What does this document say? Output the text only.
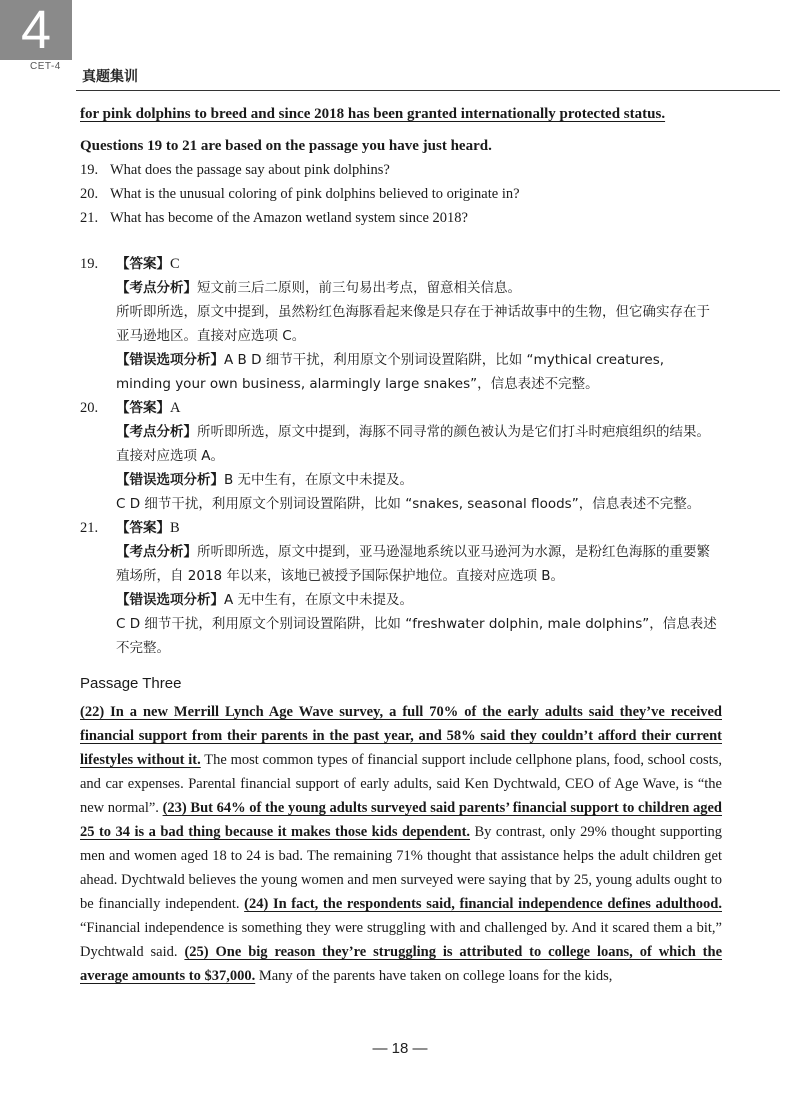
4
CET-4
真题集训

for pink dolphins to breed and since 2018 has been granted internationally protected status.

Questions 19 to 21 are based on the passage you have just heard.

19. What does the passage say about pink dolphins?

20. What is the unusual coloring of pink dolphins believed to originate in?

21. What has become of the Amazon wetland system since 2018?

19.	【答案】C

【考点分析】短文前三后二原则，前三句易出考点，留意相关信息。

所听即所选，原文中提到，虽然粉红色海豚看起来像是只存在于神话故事中的生物，但它确实存在于亚马逊地区。直接对应选项 C。

【错误选项分析】A B D 细节干扰，利用原文个别词设置陷阱，比如 “mythical creatures, minding your own business, alarmingly large snakes”，信息表述不完整。

20.	【答案】A

【考点分析】所听即所选，原文中提到，海豚不同寻常的颜色被认为是它们打斗时疤痕组织的结果。直接对应选项 A。

【错误选项分析】B 无中生有，在原文中未提及。

C D 细节干扰，利用原文个别词设置陷阱，比如 “snakes, seasonal floods”，信息表述不完整。

21.	【答案】B

【考点分析】所听即所选，原文中提到，亚马逊湿地系统以亚马逊河为水源，是粉红色海豚的重要繁殖场所，自 2018 年以来，该地已被授予国际保护地位。直接对应选项 B。

【错误选项分析】A 无中生有，在原文中未提及。

C D 细节干扰，利用原文个别词设置陷阱，比如 “freshwater dolphin, male dolphins”，信息表述不完整。

Passage Three

(22) In a new Merrill Lynch Age Wave survey, a full 70% of the early adults said they’ve received financial support from their parents in the past year, and 58% said they couldn’t afford their current lifestyles without it. The most common types of financial support include cellphone plans, food, school costs, and car expenses. Parental financial support of early adults, said Ken Dychtwald, CEO of Age Wave, is “the new normal”. (23) But 64% of the young adults surveyed said parents’ financial support to children aged 25 to 34 is a bad thing because it makes those kids dependent. By contrast, only 29% thought supporting men and women aged 18 to 24 is bad. The remaining 71% thought that assistance helps the adult children get ahead. Dychtwald believes the young women and men surveyed were saying that by 25, young adults ought to be financially independent. (24) In fact, the respondents said, financial independence defines adulthood. “Financial independence is something they were struggling with and challenged by. And it scared them a bit,” Dychtwald said. (25) One big reason they’re struggling is attributed to college loans, of which the average amounts to $37,000. Many of the parents have taken on college loans for the kids,

— 18 —
